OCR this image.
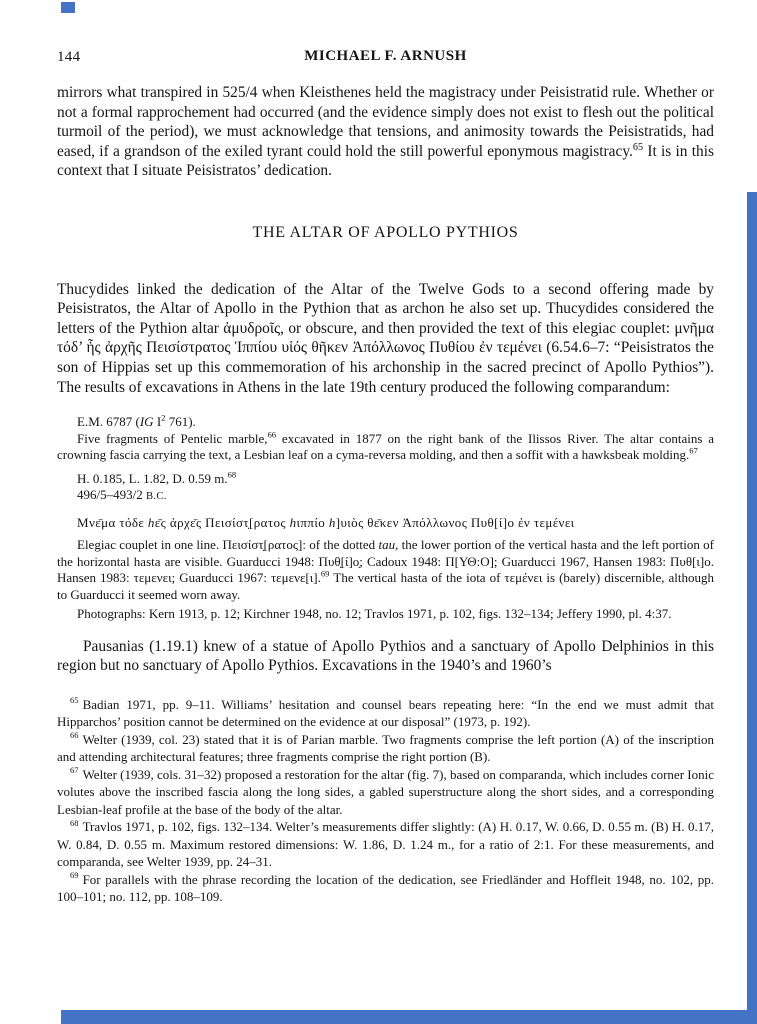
144	MICHAEL F. ARNUSH

mirrors what transpired in 525/4 when Kleisthenes held the magistracy under Peisistratid rule. Whether or not a formal rapprochement had occurred (and the evidence simply does not exist to flesh out the political turmoil of the period), we must acknowledge that tensions, and animosity towards the Peisistratids, had eased, if a grandson of the exiled tyrant could hold the still powerful eponymous magistracy.$^{65}$ It is in this context that I situate Peisistratos’ dedication.

THE ALTAR OF APOLLO PYTHIOS

Thucydides linked the dedication of the Altar of the Twelve Gods to a second offering made by Peisistratos, the Altar of Apollo in the Pythion that as archon he also set up. Thucydides considered the letters of the Pythion altar ἀμυδροῖς, or obscure, and then provided the text of this elegiac couplet: μνῆμα τόδ’ ἧς ἀρχῆς Πεισίστρατος Ἱππίου υἱός θῆκεν Ἀπόλλωνος Πυθίου ἐν τεμένει (6.54.6–7: “Peisistratos the son of Hippias set up this commemoration of his archonship in the sacred precinct of Apollo Pythios”). The results of excavations in Athens in the late 19th century produced the following comparandum:

E.M. 6787 (IG $I^2$ 761).

Five fragments of Pentelic marble,$^{66}$ excavated in 1877 on the right bank of the Ilissos River. The altar contains a crowning fascia carrying the text, a Lesbian leaf on a cyma-reversa molding, and then a soffit with a hawksbeak molding.$^{67}$

H. 0.185, L. 1.82, D. 0.59 m.$^{68}$

496/5–493/2 B.C.

Μνε̄μα τόδε hε̄ς ἀρχε̄ς Πεισίστ̣[ρατος hιππίο h]υιὸς θε̄κεν Ἀπόλλωνος Πυθ[ί]ο ἐν τεμένει

Elegiac couplet in one line. Πεισίστ̣[ρατος]: of the dotted tau, the lower portion of the vertical hasta and the left portion of the horizontal hasta are visible. Guarducci 1948: Πυθ̣[ί]ο̣; Cadoux 1948: Π[ΥΘ:Ο]; Guarducci 1967, Hansen 1983: Πυθ[ι]ο. Hansen 1983: τεμενει; Guarducci 1967: τεμενε[ι].$^{69}$ The vertical hasta of the iota of τεμένει is (barely) discernible, although to Guarducci it seemed worn away.

Photographs: Kern 1913, p. 12; Kirchner 1948, no. 12; Travlos 1971, p. 102, figs. 132–134; Jeffery 1990, pl. 4:37.

Pausanias (1.19.1) knew of a statue of Apollo Pythios and a sanctuary of Apollo Delphinios in this region but no sanctuary of Apollo Pythios. Excavations in the 1940’s and 1960’s

$^{65}$ Badian 1971, pp. 9–11. Williams’ hesitation and counsel bears repeating here: “In the end we must admit that Hipparchos’ position cannot be determined on the evidence at our disposal” (1973, p. 192).

$^{66}$ Welter (1939, col. 23) stated that it is of Parian marble. Two fragments comprise the left portion (A) of the inscription and attending architectural features; three fragments comprise the right portion (B).

$^{67}$ Welter (1939, cols. 31–32) proposed a restoration for the altar (fig. 7), based on comparanda, which includes corner Ionic volutes above the inscribed fascia along the long sides, a gabled superstructure along the short sides, and a corresponding Lesbian-leaf profile at the base of the body of the altar.

$^{68}$ Travlos 1971, p. 102, figs. 132–134. Welter’s measurements differ slightly: (A) H. 0.17, W. 0.66, D. 0.55 m. (B) H. 0.17, W. 0.84, D. 0.55 m. Maximum restored dimensions: W. 1.86, D. 1.24 m., for a ratio of 2:1. For these measurements, and comparanda, see Welter 1939, pp. 24–31.

$^{69}$ For parallels with the phrase recording the location of the dedication, see Friedländer and Hoffleit 1948, no. 102, pp. 100–101; no. 112, pp. 108–109.
